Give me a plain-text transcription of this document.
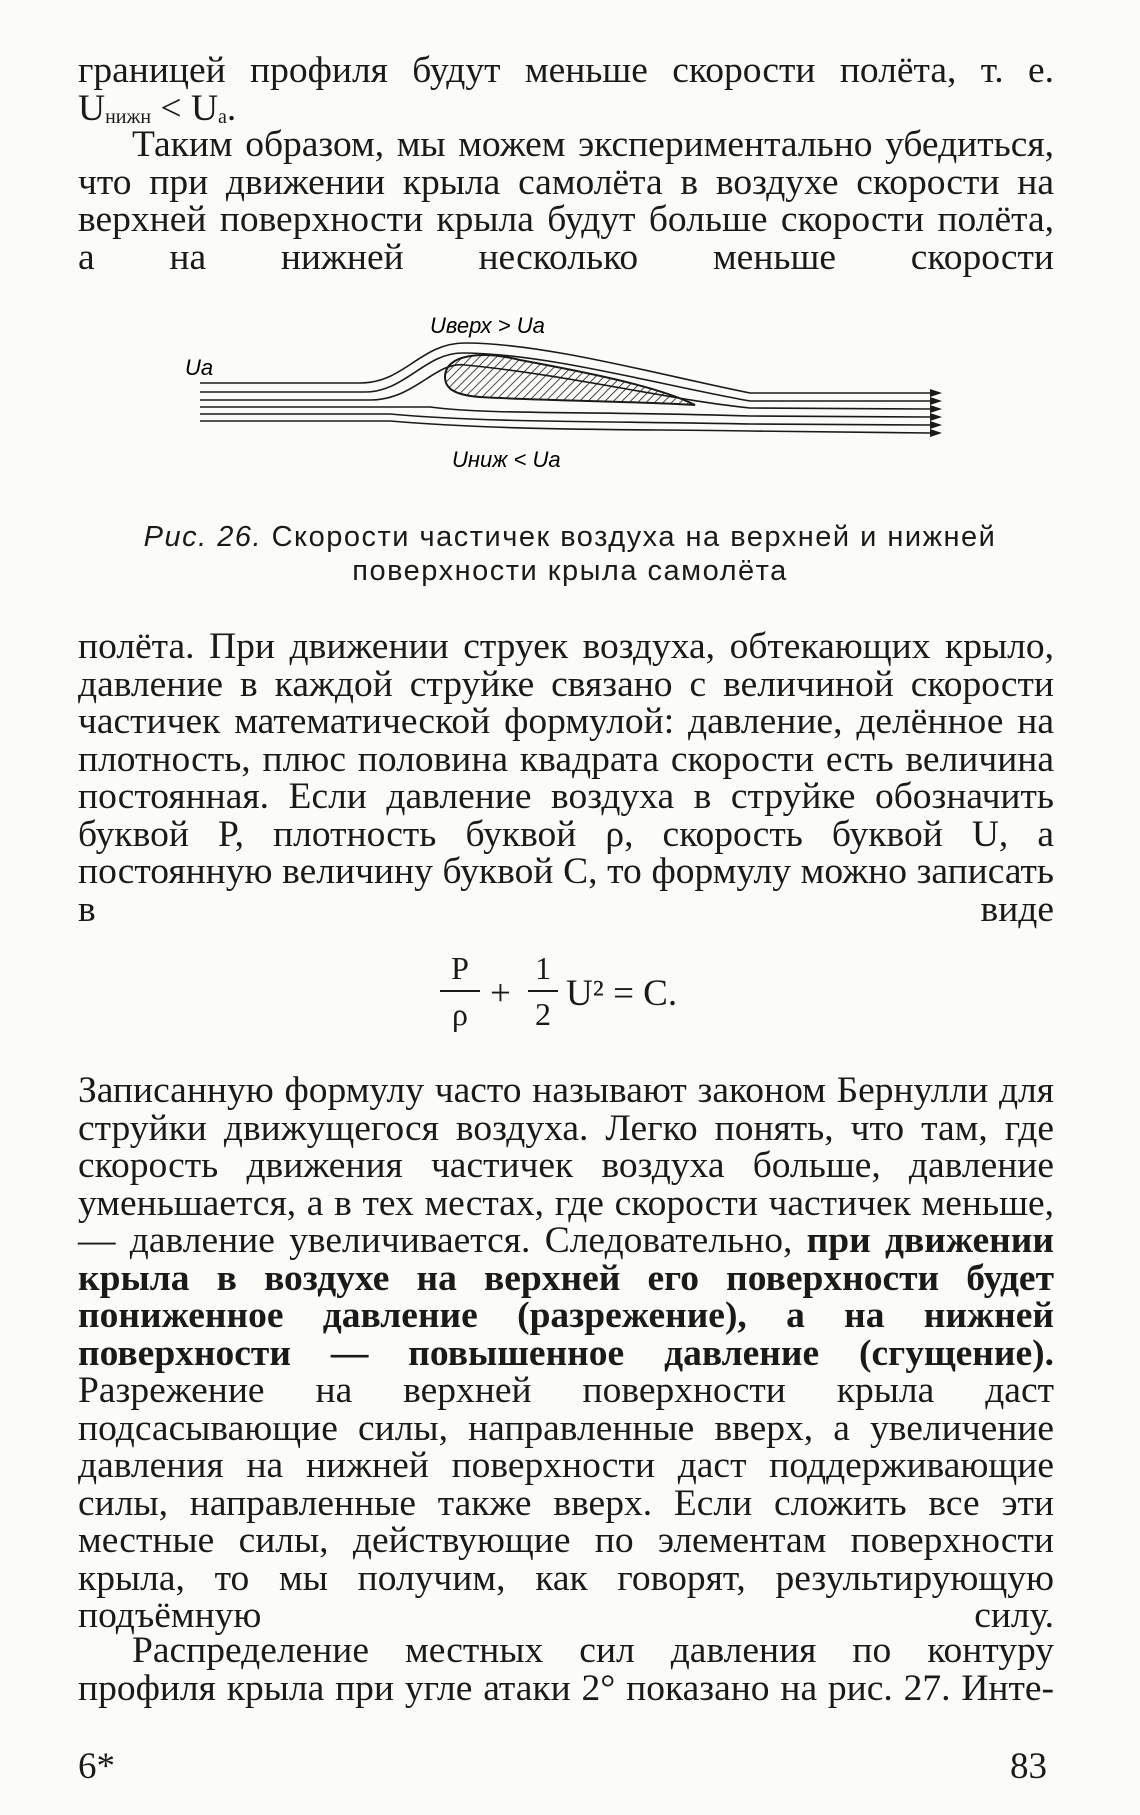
границей профиля будут меньше скорости полёта, т. е.

Uнижн < Ua.

Таким образом, мы можем экспериментально убедиться, что при движении крыла самолёта в воздухе скорости на верхней поверхности крыла будут больше скорости полёта, а на нижней несколько меньше скорости

Uверх > Ua
Ua
Uниж < Ua
Рис. 26. Скорости частичек воздуха на верхней и нижней поверхности крыла самолёта

полёта. При движении струек воздуха, обтекающих крыло, давление в каждой струйке связано с величиной скорости частичек математической формулой: давление, делённое на плотность, плюс половина квадрата скорости есть величина постоянная. Если давление воздуха в струйке обозначить буквой P, плотность буквой ρ, скорость буквой U, а постоянную величину буквой C, то формулу можно записать в виде

P
ρ +
1
2 U² = C.

Записанную формулу часто называют законом Бернулли для струйки движущегося воздуха. Легко понять, что там, где скорость движения частичек воздуха больше, давление уменьшается, а в тех местах, где скорости частичек меньше,— давление увеличивается. Следовательно, при движении крыла в воздухе на верхней его поверхности будет пониженное давление (разрежение), а на нижней поверхности — повышенное давление (сгущение). Разрежение на верхней поверхности крыла даст подсасывающие силы, направленные вверх, а увеличение давления на нижней поверхности даст поддерживающие силы, направленные также вверх. Если сложить все эти местные силы, действующие по элементам поверхности крыла, то мы получим, как говорят, результирующую подъёмную силу.

Распределение местных сил давления по контуру профиля крыла при угле атаки 2° показано на рис. 27. Инте-

6*	83
